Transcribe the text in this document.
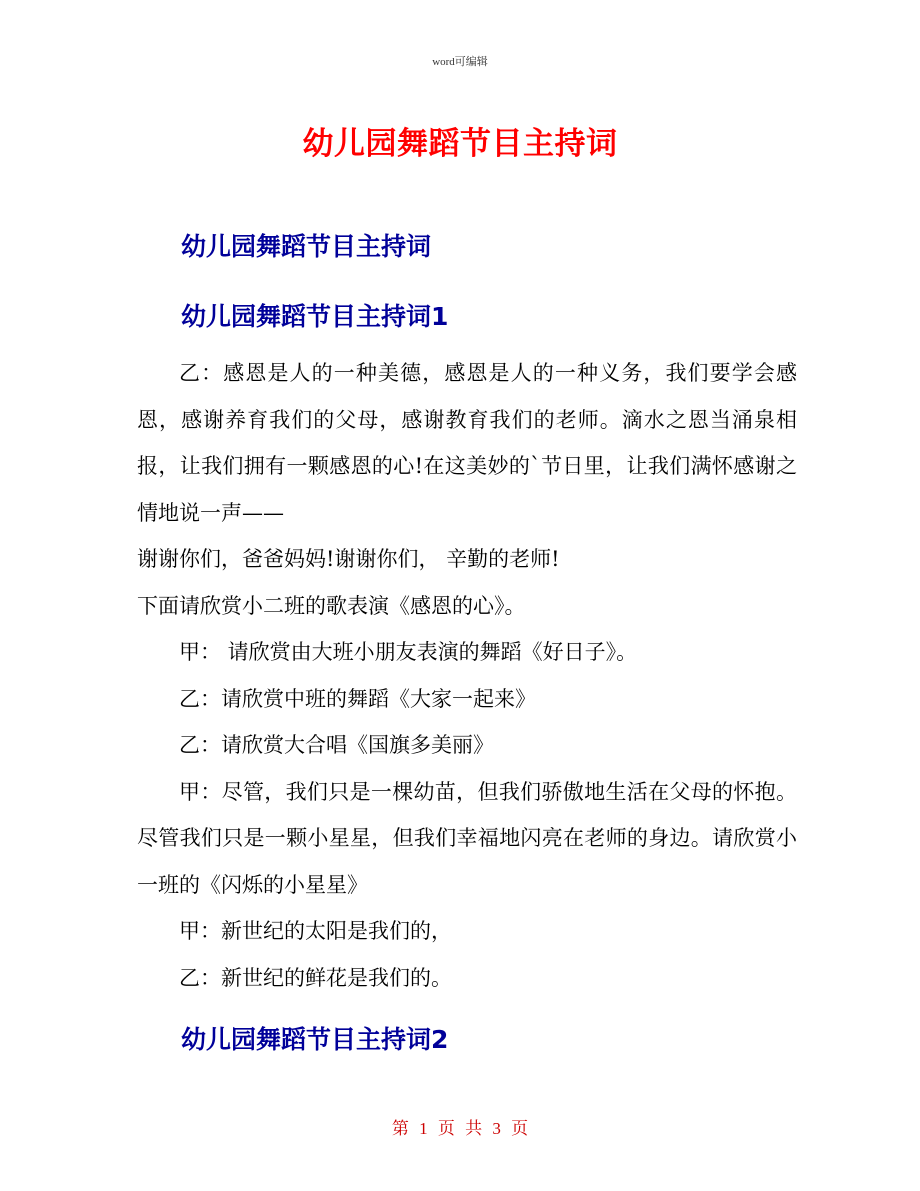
word可编辑
幼儿园舞蹈节目主持词
幼儿园舞蹈节目主持词
幼儿园舞蹈节目主持词1

乙：感恩是人的一种美德，感恩是人的一种义务，我们要学会感恩，感谢养育我们的父母，感谢教育我们的老师。滴水之恩当涌泉相报，让我们拥有一颗感恩的心!在这美妙的`节日里，让我们满怀感谢之情地说一声——

谢谢你们，爸爸妈妈!谢谢你们， 辛勤的老师!

下面请欣赏小二班的歌表演《感恩的心》。

甲： 请欣赏由大班小朋友表演的舞蹈《好日子》。

乙：请欣赏中班的舞蹈《大家一起来》

乙：请欣赏大合唱《国旗多美丽》

甲：尽管，我们只是一棵幼苗，但我们骄傲地生活在父母的怀抱。尽管我们只是一颗小星星，但我们幸福地闪亮在老师的身边。请欣赏小一班的《闪烁的小星星》

甲：新世纪的太阳是我们的，

乙：新世纪的鲜花是我们的。

幼儿园舞蹈节目主持词2
第 1 页 共 3 页
